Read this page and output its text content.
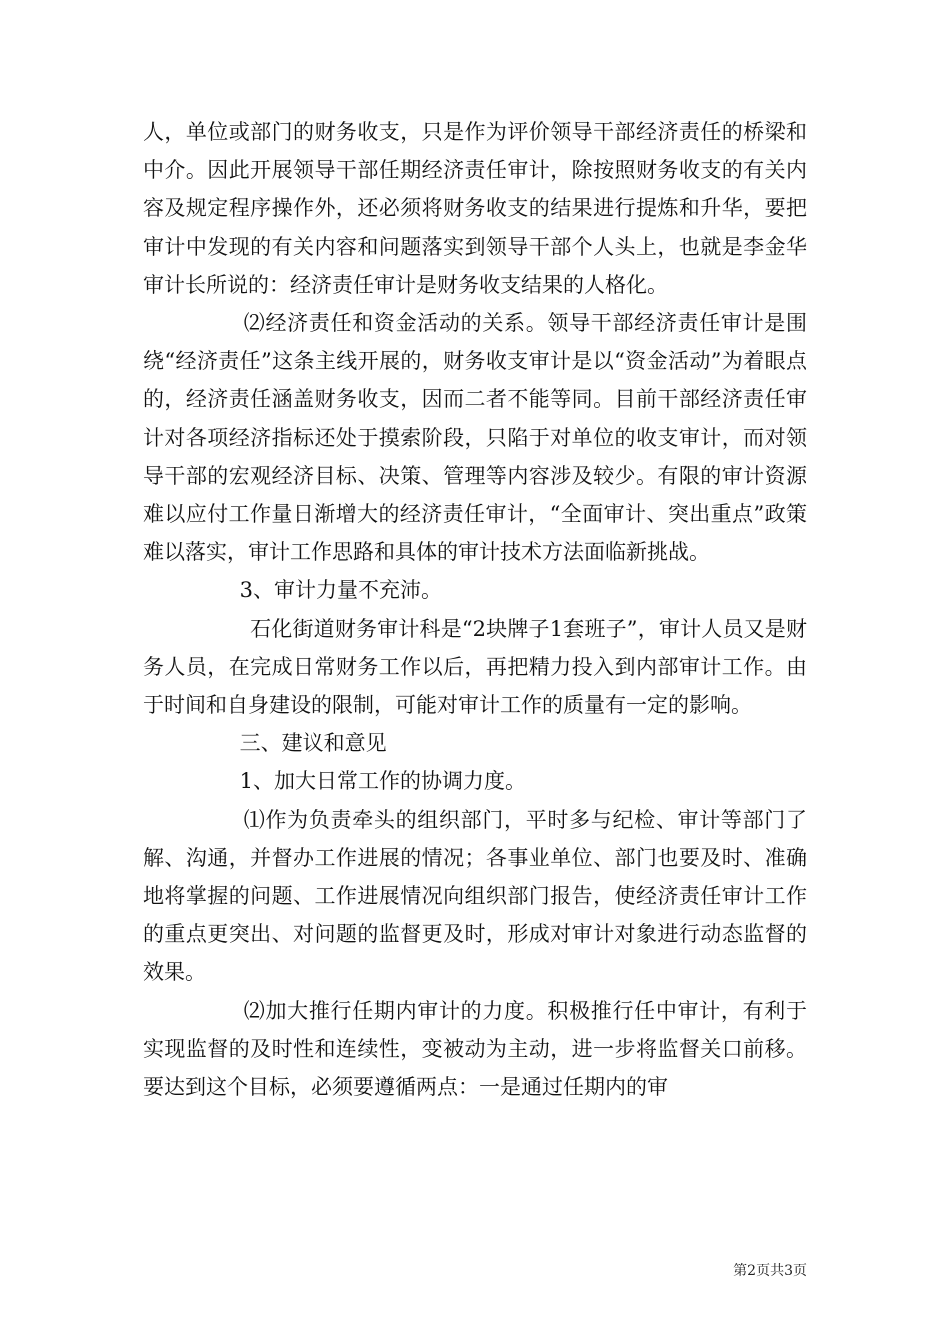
人，单位或部门的财务收支，只是作为评价领导干部经济责任的桥梁和中介。因此开展领导干部任期经济责任审计，除按照财务收支的有关内容及规定程序操作外，还必须将财务收支的结果进行提炼和升华，要把审计中发现的有关内容和问题落实到领导干部个人头上，也就是李金华审计长所说的：经济责任审计是财务收支结果的人格化。

⑵经济责任和资金活动的关系。领导干部经济责任审计是围绕“经济责任”这条主线开展的，财务收支审计是以“资金活动”为着眼点的，经济责任涵盖财务收支，因而二者不能等同。目前干部经济责任审计对各项经济指标还处于摸索阶段，只陷于对单位的收支审计，而对领导干部的宏观经济目标、决策、管理等内容涉及较少。有限的审计资源难以应付工作量日渐增大的经济责任审计，“全面审计、突出重点”政策难以落实，审计工作思路和具体的审计技术方法面临新挑战。

3、审计力量不充沛。

石化街道财务审计科是“2块牌子1套班子”，审计人员又是财务人员，在完成日常财务工作以后，再把精力投入到内部审计工作。由于时间和自身建设的限制，可能对审计工作的质量有一定的影响。

三、建议和意见

1、加大日常工作的协调力度。

⑴作为负责牵头的组织部门，平时多与纪检、审计等部门了解、沟通，并督办工作进展的情况；各事业单位、部门也要及时、准确地将掌握的问题、工作进展情况向组织部门报告，使经济责任审计工作的重点更突出、对问题的监督更及时，形成对审计对象进行动态监督的效果。

⑵加大推行任期内审计的力度。积极推行任中审计，有利于实现监督的及时性和连续性，变被动为主动，进一步将监督关口前移。要达到这个目标，必须要遵循两点：一是通过任期内的审

第2页共3页
